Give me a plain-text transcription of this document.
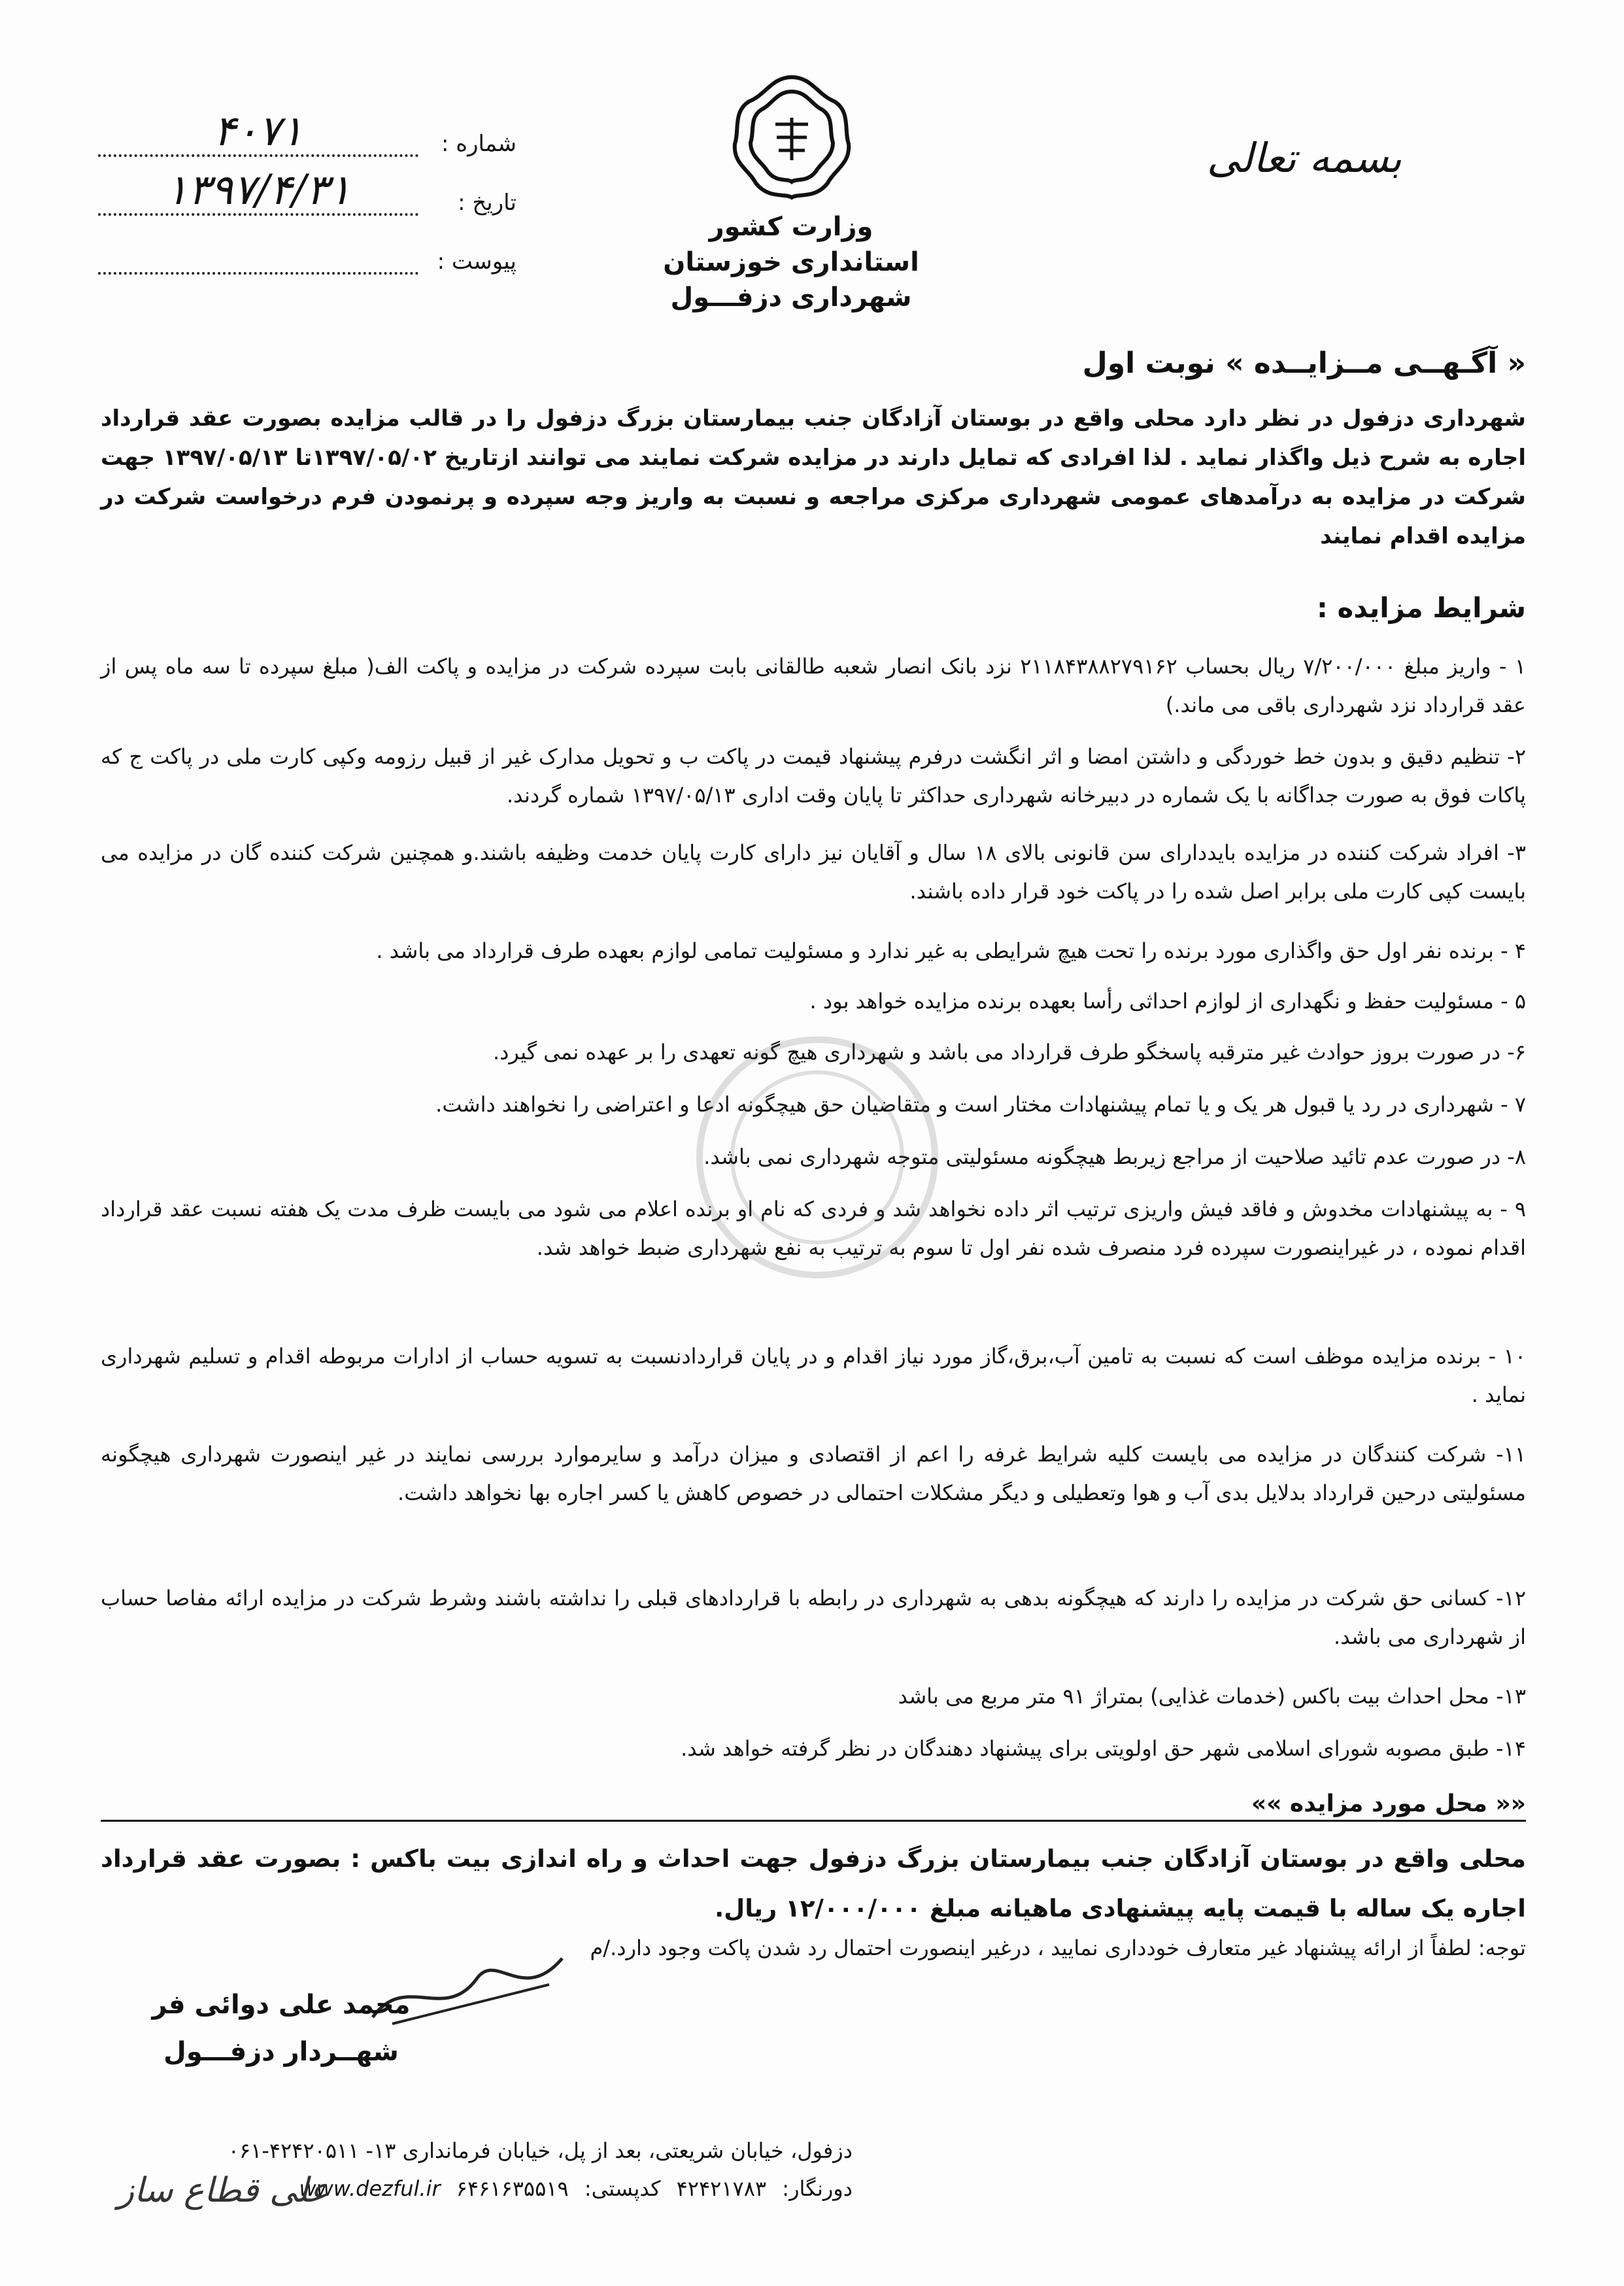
بسمه تعالی
وزارت کشور
استانداری خوزستان
شهرداری دزفـــول
شماره :
۴۰۷۱
تاریخ :
۱۳۹۷/۴/۳۱
پیوست :
« آگـهــی مــزایــده » نوبت اول
شهرداری دزفول در نظر دارد محلی واقع در بوستان آزادگان جنب بیمارستان بزرگ دزفول را در قالب مزایده بصورت عقد قرارداد اجاره به شرح ذیل واگذار نماید . لذا افرادی که تمایل دارند در مزایده شرکت نمایند می توانند ازتاریخ ۱۳۹۷/۰۵/۰۲تا ۱۳۹۷/۰۵/۱۳ جهت شرکت در مزایده به درآمدهای عمومی شهرداری مرکزی مراجعه و نسبت به واریز وجه سپرده و پرنمودن فرم درخواست شرکت در مزایده اقدام نمایند
شرایط مزایده :
۱ - واریز مبلغ ۷/۲۰۰/۰۰۰ ریال بحساب ۲۱۱۸۴۳۸۸۲۷۹۱۶۲ نزد بانک انصار شعبه طالقانی بابت سپرده شرکت در مزایده و پاکت الف( مبلغ سپرده تا سه ماه پس از عقد قرارداد نزد شهرداری باقی می ماند.)
۲- تنظیم دقیق و بدون خط خوردگی و داشتن امضا و اثر انگشت درفرم پیشنهاد قیمت در پاکت ب و تحویل مدارک غیر از قبیل رزومه وکپی کارت ملی در پاکت ج که پاکات فوق به صورت جداگانه با یک شماره در دبیرخانه شهرداری حداکثر تا پایان وقت اداری ۱۳۹۷/۰۵/۱۳ شماره گردند.
۳- افراد شرکت کننده در مزایده بایددارای سن قانونی بالای ۱۸ سال و آقایان نیز دارای کارت پایان خدمت وظیفه باشند.و همچنین شرکت کننده گان در مزایده می بایست کپی کارت ملی برابر اصل شده را در پاکت خود قرار داده باشند.
۴ - برنده نفر اول حق واگذاری مورد برنده را تحت هیچ شرایطی به غیر ندارد و مسئولیت تمامی لوازم بعهده طرف قرارداد می باشد .
۵ - مسئولیت حفظ و نگهداری از لوازم احداثی رأسا بعهده برنده مزایده خواهد بود .
۶- در صورت بروز حوادث غیر مترقبه پاسخگو طرف قرارداد می باشد و شهرداری هیچ گونه تعهدی را بر عهده نمی گیرد.
۷ - شهرداری در رد یا قبول هر یک و یا تمام پیشنهادات مختار است و متقاضیان حق هیچگونه ادعا و اعتراضی را نخواهند داشت.
۸- در صورت عدم تائید صلاحیت از مراجع زیربط هیچگونه مسئولیتی متوجه شهرداری نمی باشد.
۹ - به پیشنهادات مخدوش و فاقد فیش واریزی ترتیب اثر داده نخواهد شد و فردی که نام او برنده اعلام می شود می بایست ظرف مدت یک هفته نسبت عقد قرارداد اقدام نموده ، در غیراینصورت سپرده فرد منصرف شده نفر اول تا سوم به ترتیب به نفع شهرداری ضبط خواهد شد.
۱۰ - برنده مزایده موظف است که نسبت به تامین آب،برق،گاز مورد نیاز اقدام و در پایان قراردادنسبت به تسویه حساب از ادارات مربوطه اقدام و تسلیم شهرداری نماید .
۱۱- شرکت کنندگان در مزایده می بایست کلیه شرایط غرفه را اعم از اقتصادی و میزان درآمد و سایرموارد بررسی نمایند در غیر اینصورت شهرداری هیچگونه مسئولیتی درحین قرارداد بدلایل بدی آب و هوا وتعطیلی و دیگر مشکلات احتمالی در خصوص کاهش یا کسر اجاره بها نخواهد داشت.
۱۲- کسانی حق شرکت در مزایده را دارند که هیچگونه بدهی به شهرداری در رابطه با قراردادهای قبلی را نداشته باشند وشرط شرکت در مزایده ارائه مفاصا حساب از شهرداری می باشد.
۱۳- محل احداث بیت باکس (خدمات غذایی) بمتراژ ۹۱ متر مربع می باشد
۱۴- طبق مصوبه شورای اسلامی شهر حق اولویتی برای پیشنهاد دهندگان در نظر گرفته خواهد شد.
«« محل مورد مزایده »»
محلی واقع در بوستان آزادگان جنب بیمارستان بزرگ دزفول جهت احداث و راه اندازی بیت باکس : بصورت عقد قرارداد اجاره یک ساله با قیمت پایه پیشنهادی ماهیانه مبلغ ۱۲/۰۰۰/۰۰۰ ریال.
توجه: لطفاً از ارائه پیشنهاد غیر متعارف خودداری نمایید ، درغیر اینصورت احتمال رد شدن پاکت وجود دارد./م
محمد علی دوائی فر
شهــردار دزفـــول
دزفول، خیابان شریعتی، بعد از پل، خیابان فرمانداری ۱۳- ۴۲۴۲۰۵۱۱-۰۶۱
دورنگار: ۴۲۴۲۱۷۸۳ کدپستی: ۶۴۶۱۶۳۵۵۱۹ www.dezful.ir
علی قطاع ساز
